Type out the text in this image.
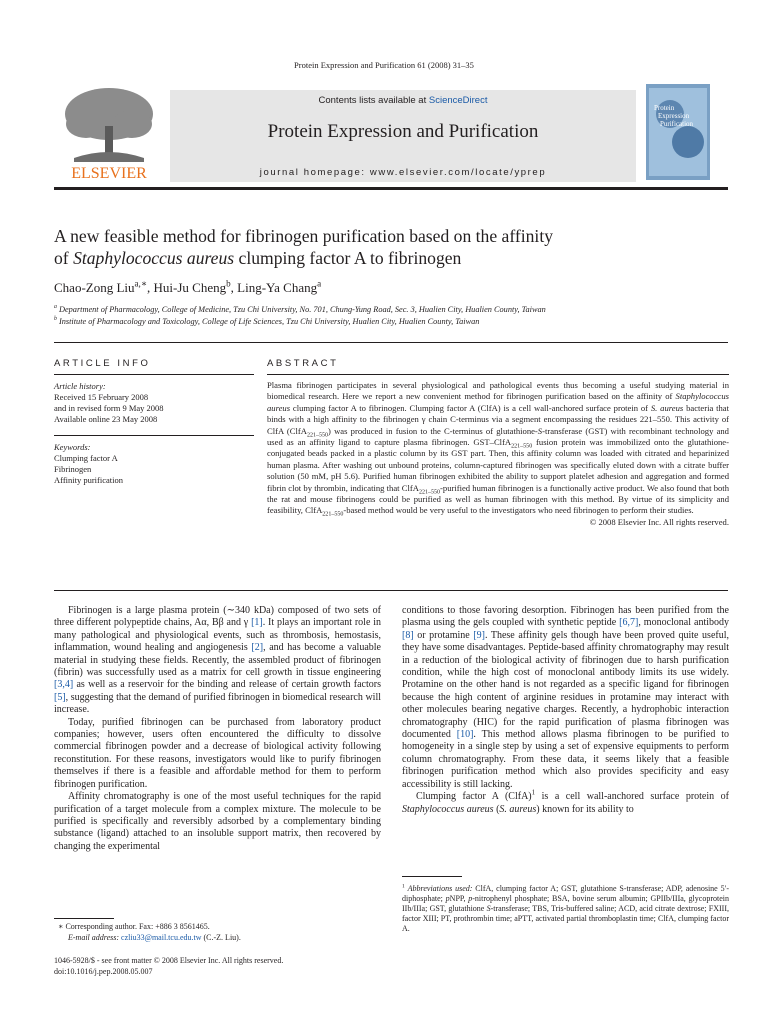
Protein Expression and Purification 61 (2008) 31–35
ELSEVIER
Contents lists available at ScienceDirect
Protein Expression and Purification
journal homepage: www.elsevier.com/locate/yprep
Protein
Expression
Purification
A new feasible method for fibrinogen purification based on the affinity
of Staphylococcus aureus clumping factor A to fibrinogen
Chao-Zong Liu$^{a,∗}$, Hui-Ju Cheng$^b$, Ling-Ya Chang$^a$
$^a$ Department of Pharmacology, College of Medicine, Tzu Chi University, No. 701, Chung-Yung Road, Sec. 3, Hualien City, Hualien County, Taiwan
$^b$ Institute of Pharmacology and Toxicology, College of Life Sciences, Tzu Chi University, Hualien City, Hualien County, Taiwan
ARTICLE INFO
Article history:
Received 15 February 2008
and in revised form 9 May 2008
Available online 23 May 2008
Keywords:
Clumping factor A
Fibrinogen
Affinity purification
ABSTRACT
Plasma fibrinogen participates in several physiological and pathological events thus becoming a useful studying material in biomedical research. Here we report a new convenient method for fibrinogen purification based on the affinity of Staphylococcus aureus clumping factor A to fibrinogen. Clumping factor A (ClfA) is a cell wall-anchored surface protein of S. aureus bacteria that binds with a high affinity to the fibrinogen γ chain C-terminus via a segment encompassing the residues 221–550. This activity of ClfA (ClfA$_{221-550}$) was produced in fusion to the C-terminus of glutathione-S-transferase (GST) with recombinant technology and used as an affinity ligand to capture plasma fibrinogen. GST–ClfA$_{221-550}$ fusion protein was immobilized onto the glutathione-conjugated beads packed in a plastic column by its GST part. Then, this affinity column was loaded with citrated and heparinized human plasma. After washing out unbound proteins, column-captured fibrinogen was specifically eluted down with a citrate buffer solution (50 mM, pH 5.6). Purified human fibrinogen exhibited the ability to support platelet adhesion and aggregation and formed fibrin clot by thrombin, indicating that ClfA$_{221-550}$-purified human fibrinogen is a functionally active product. We also found that both the rat and mouse fibrinogens could be purified as well as human fibrinogen with this method. By virtue of its simplicity and feasibility, ClfA$_{221-550}$-based method would be very useful to the investigators who need fibrinogen to perform their studies.
© 2008 Elsevier Inc. All rights reserved.

Fibrinogen is a large plasma protein (∼340 kDa) composed of two sets of three different polypeptide chains, Aα, Bβ and γ [1]. It plays an important role in many pathological and physiological events, such as thrombosis, hemostasis, inflammation, wound healing and angiogenesis [2], and has become a valuable material in studying these fields. Recently, the assembled product of fibrinogen (fibrin) was successfully used as a matrix for cell growth in tissue engineering [3,4] as well as a reservoir for the binding and release of certain growth factors [5], suggesting that the demand of purified fibrinogen in biomedical research will increase.

Today, purified fibrinogen can be purchased from laboratory product companies; however, users often encountered the difficulty to dissolve commercial fibrinogen powder and a decrease of biological activity following reconstitution. For these reasons, investigators would like to purify fibrinogen themselves if there is a feasible and affordable method for them to perform fibrinogen purification.

Affinity chromatography is one of the most useful techniques for the rapid purification of a target molecule from a complex mixture. The molecule to be purified is specifically and reversibly adsorbed by a complementary binding substance (ligand) attached to an insoluble support matrix, then recovered by changing the experimental

conditions to those favoring desorption. Fibrinogen has been purified from the plasma using the gels coupled with synthetic peptide [6,7], monoclonal antibody [8] or protamine [9]. These affinity gels though have been proved quite useful, they have some disadvantages. Peptide-based affinity chromatography may result in a reduction of the biological activity of fibrinogen due to harsh purification condition, while the high cost of monoclonal antibody limits its use widely. Protamine on the other hand is not regarded as a specific ligand for fibrinogen because the high content of arginine residues in protamine may interact with other molecules bearing negative charges. Recently, a hydrophobic interaction chromatography (HIC) for the rapid purification of plasma fibrinogen was documented [10]. This method allows plasma fibrinogen to be purified to homogeneity in a single step by using a set of expensive equipments to perform column chromatography. From these data, it seems likely that a feasible fibrinogen purification method which also provides specificity and easy accessibility is still lacking.

Clumping factor A (ClfA)$^1$ is a cell wall-anchored surface protein of Staphylococcus aureus (S. aureus) known for its ability to

$^1$ Abbreviations used: ClfA, clumping factor A; GST, glutathione S-transferase; ADP, adenosine 5′-diphosphate; pNPP, p-nitrophenyl phosphate; BSA, bovine serum albumin; GPIIb/IIIa, glycoprotein IIb/IIIa; GST, glutathione S-transferase; TBS, Tris-buffered saline; ACD, acid citrate dextrose; FXIII, factor XIII; PT, prothrombin time; aPTT, activated partial thromboplastin time; ClfA, clumping factor A.
∗ Corresponding author. Fax: +886 3 8561465.
E-mail address: czliu33@mail.tcu.edu.tw (C.-Z. Liu).
1046-5928/$ - see front matter © 2008 Elsevier Inc. All rights reserved.
doi:10.1016/j.pep.2008.05.007
